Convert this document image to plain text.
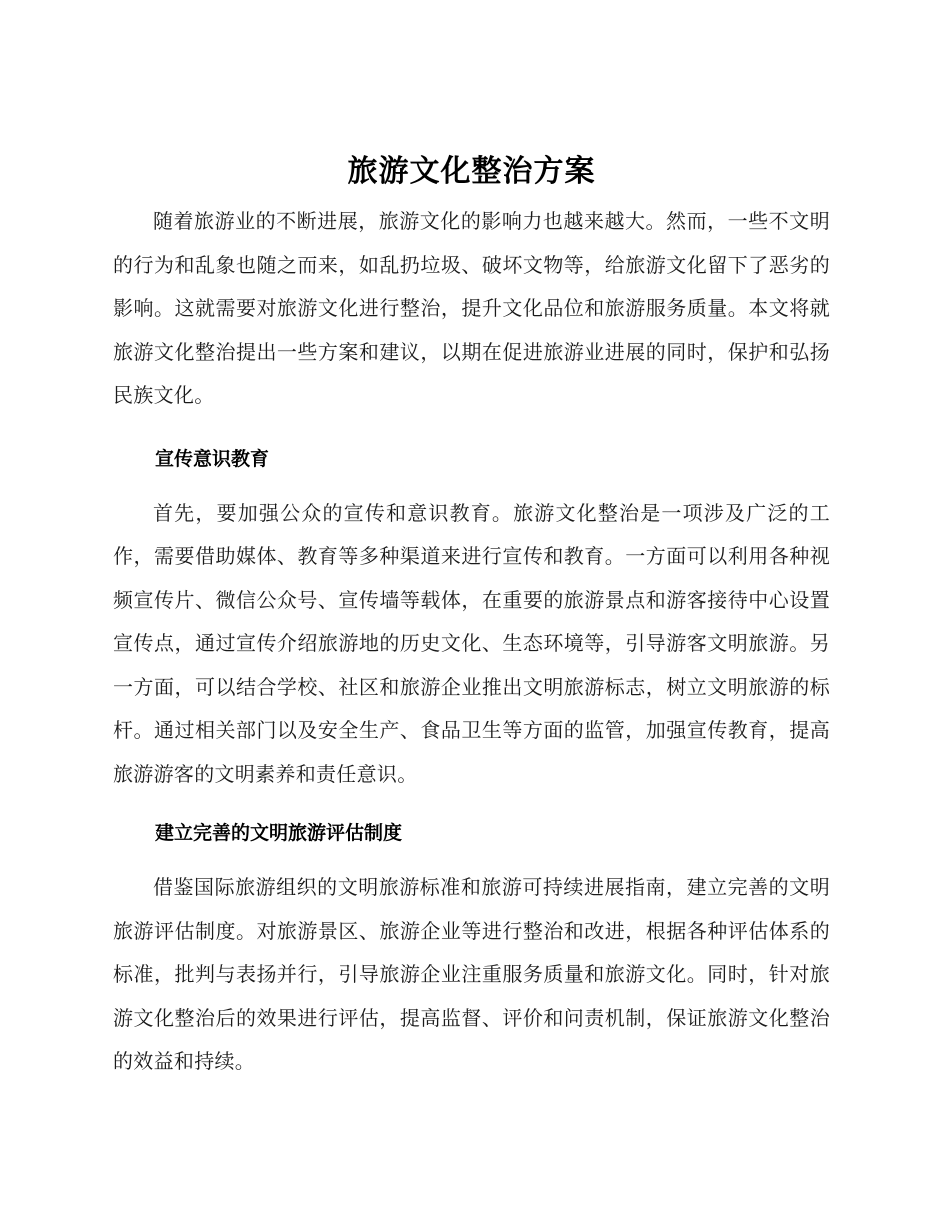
旅游文化整治方案

随着旅游业的不断进展，旅游文化的影响力也越来越大。然而，一些不文明的行为和乱象也随之而来，如乱扔垃圾、破坏文物等，给旅游文化留下了恶劣的影响。这就需要对旅游文化进行整治，提升文化品位和旅游服务质量。本文将就旅游文化整治提出一些方案和建议，以期在促进旅游业进展的同时，保护和弘扬民族文化。

宣传意识教育

首先，要加强公众的宣传和意识教育。旅游文化整治是一项涉及广泛的工作，需要借助媒体、教育等多种渠道来进行宣传和教育。一方面可以利用各种视频宣传片、微信公众号、宣传墙等载体，在重要的旅游景点和游客接待中心设置宣传点，通过宣传介绍旅游地的历史文化、生态环境等，引导游客文明旅游。另一方面，可以结合学校、社区和旅游企业推出文明旅游标志，树立文明旅游的标杆。通过相关部门以及安全生产、食品卫生等方面的监管，加强宣传教育，提高旅游游客的文明素养和责任意识。

建立完善的文明旅游评估制度

借鉴国际旅游组织的文明旅游标准和旅游可持续进展指南，建立完善的文明旅游评估制度。对旅游景区、旅游企业等进行整治和改进，根据各种评估体系的标准，批判与表扬并行，引导旅游企业注重服务质量和旅游文化。同时，针对旅游文化整治后的效果进行评估，提高监督、评价和问责机制，保证旅游文化整治的效益和持续。
